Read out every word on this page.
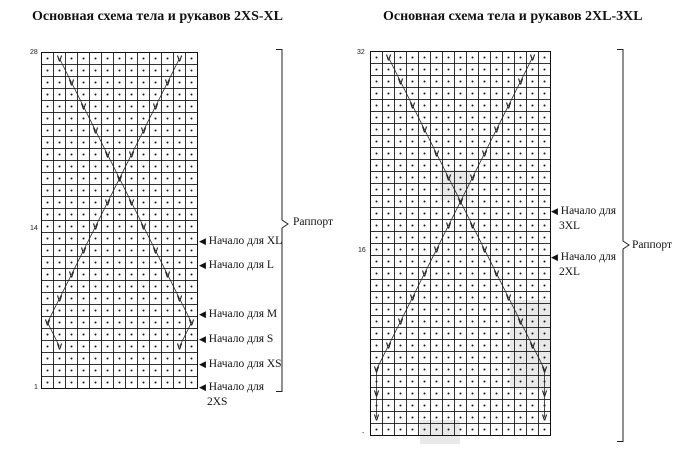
Основная схема тела и рукавов 2XS-XL
28
14
1
V	V
V	V
V	V
V	V
V	V
V	V
V V
V
V V
V	V
V	V
V	V
V	V
◀ Начало для XL
◀ Начало для L
◀ Начало для М
◀ Начало для S
◀ Начало для XS
◀ Начало для
2XS
Раппорт
Основная схема тела и рукавов 2XL-3XL
32
16
-
V	V
V	V
V	V
V	V
V	V
V	V
V	V
V	V
V V
V
V V
V	V
V	V
V	V
V	V
V	V
◀ Начало для
3XL
◀ Начало для
2XL
Раппорт
